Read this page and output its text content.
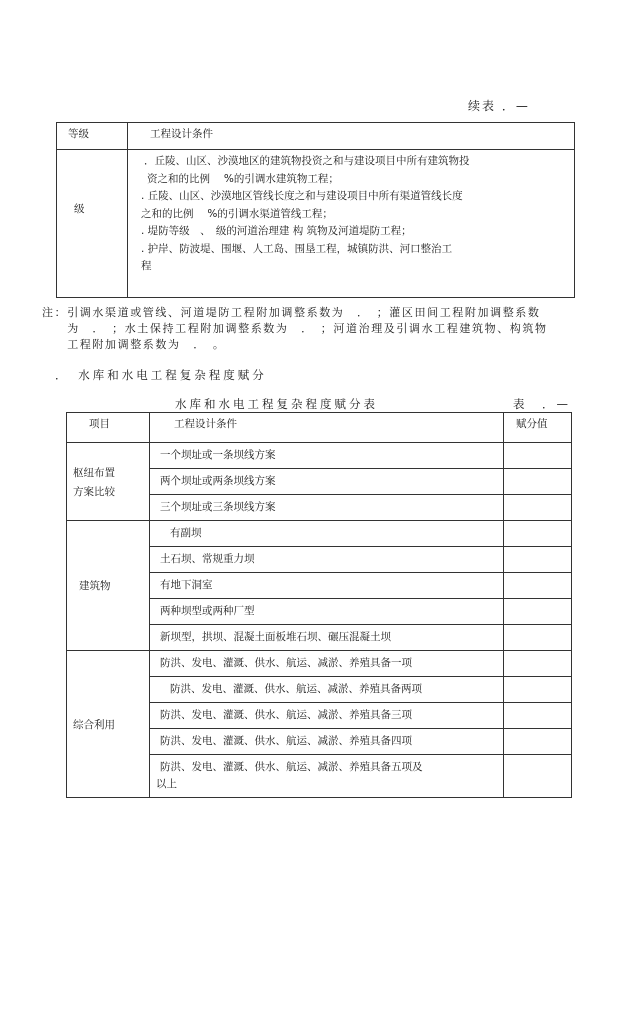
续表 ．—
等级	工程设计条件
级
．丘陵、山区、沙漠地区的建筑物投资之和与建设项目中所有建筑物投
资之和的比例　 %的引调水建筑物工程；
. 丘陵、山区、沙漠地区管线长度之和与建设项目中所有渠道管线长度
之和的比例　 %的引调水渠道管线工程；
. 堤防等级　、　级的河道治理建 构 筑物及河道堤防工程；
. 护岸、防波堤、围堰、人工岛、围垦工程，城镇防洪、河口整治工
程
注：引调水渠道或管线、河道堤防工程附加调整系数为　．　；灌区田间工程附加调整系数
　　为　．　；水土保持工程附加调整系数为　．　；河道治理及引调水工程建筑物、构筑物
　　工程附加调整系数为　．　。
．　水库和水电工程复杂程度赋分
水库和水电工程复杂程度赋分表	表　．—
项目	工程设计条件	赋分值

枢纽布置
方案比较	一个坝址或一条坝线方案	
	两个坝址或两条坝线方案	
	三个坝址或三条坝线方案	

建筑物	有副坝	
	土石坝、常规重力坝	
	有地下洞室	
	两种坝型或两种厂型	
	新坝型，拱坝、混凝土面板堆石坝、碾压混凝土坝	

综合利用	防洪、发电、灌溉、供水、航运、减淤、养殖具备一项	
	防洪、发电、灌溉、供水、航运、减淤、养殖具备两项	
	防洪、发电、灌溉、供水、航运、减淤、养殖具备三项	
	防洪、发电、灌溉、供水、航运、减淤、养殖具备四项	

	防洪、发电、灌溉、供水、航运、减淤、养殖具备五项及
以上	
